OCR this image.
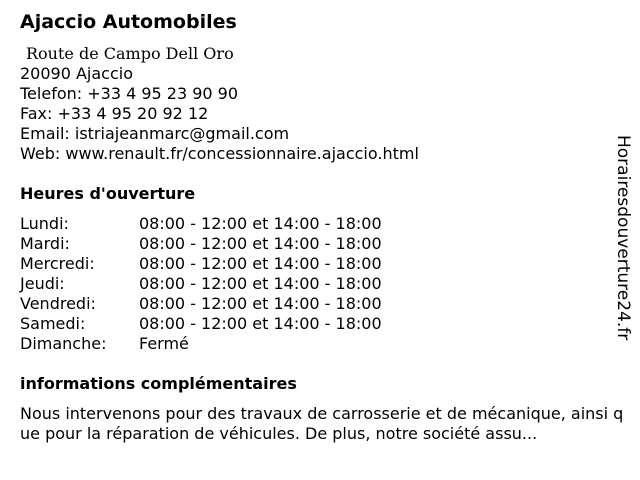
Ajaccio Automobiles
Route de Campo Dell Oro
20090 Ajaccio
Telefon: +33 4 95 23 90 90
Fax: +33 4 95 20 92 12
Email: istriajeanmarc@gmail.com
Web: www.renault.fr/concessionnaire.ajaccio.html
Heures d'ouverture
Lundi:	08:00 - 12:00 et 14:00 - 18:00
Mardi:	08:00 - 12:00 et 14:00 - 18:00
Mercredi:	08:00 - 12:00 et 14:00 - 18:00
Jeudi:	08:00 - 12:00 et 14:00 - 18:00
Vendredi:	08:00 - 12:00 et 14:00 - 18:00
Samedi:	08:00 - 12:00 et 14:00 - 18:00
Dimanche: Fermé
informations complémentaires
Nous intervenons pour des travaux de carrosserie et de mécanique, ainsi que pour la réparation de véhicules. De plus, notre société assu...
Horairesdouverture24.fr
